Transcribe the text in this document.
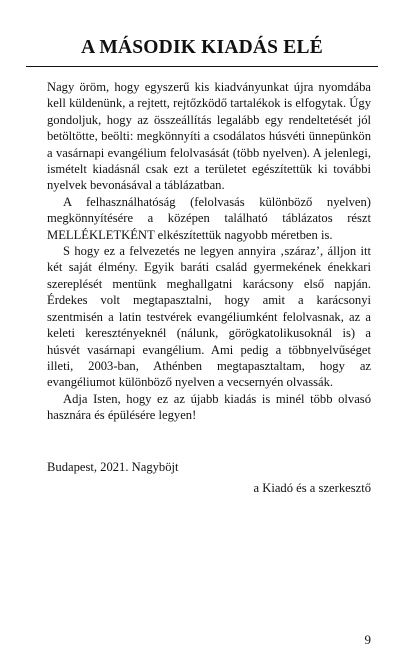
A MÁSODIK KIADÁS ELÉ

Nagy öröm, hogy egyszerű kis kiadványunkat újra nyomdába kell küldenünk, a rejtett, rejtőzködő tartalékok is elfogytak. Úgy gondoljuk, hogy az összeállítás legalább egy rendeltetését jól betöltötte, beölti: megkönnyíti a csodálatos húsvéti ünnepünkön a vasárnapi evangélium felolvasását (több nyelven). A jelenlegi, ismételt kiadásnál csak ezt a területet egészítettük ki további nyelvek bevonásával a táblázatban.

A felhasználhatóság (felolvasás különböző nyelven) megkönnyítésére a középen található táblázatos részt MELLÉKLETKÉNT elkészítettük nagyobb méretben is.

S hogy ez a felvezetés ne legyen annyira ‚száraz’, álljon itt két saját élmény. Egyik baráti család gyermekének énekkari szereplését mentünk meghallgatni karácsony első napján. Érdekes volt megtapasztalni, hogy amit a karácsonyi szentmisén a latin testvérek evangéliumként felolvasnak, az a keleti keresztényeknél (nálunk, görögkatolikusoknál is) a húsvét vasárnapi evangélium. Ami pedig a többnyelvűséget illeti, 2003-ban, Athénben megtapasztaltam, hogy az evangéliumot különböző nyelven a vecsernyén olvassák.

Adja Isten, hogy ez az újabb kiadás is minél több olvasó hasznára és épülésére legyen!

Budapest, 2021. Nagyböjt
a Kiadó és a szerkesztő
9
